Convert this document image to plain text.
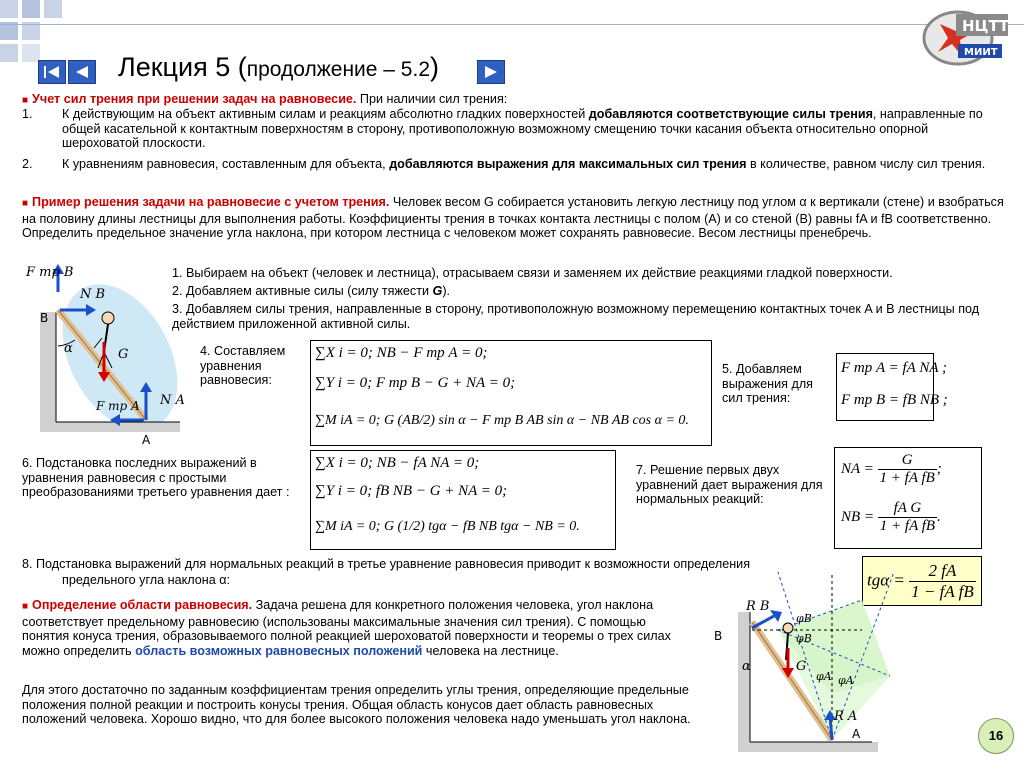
НЦТТ
МИИТ
Лекция 5 (продолжение – 5.2)
■ Учет сил трения при решении задач на равновесие. При наличии сил трения:
1.	К действующим на объект активным силам и реакциям абсолютно гладких поверхностей добавляются соответствующие силы трения, направленные по общей касательной к контактным поверхностям в сторону, противоположную возможному смещению точки касания объекта относительно опорной шероховатой плоскости.
2.	К уравнениям равновесия, составленным для объекта, добавляются выражения для максимальных сил трения в количестве, равном числу сил трения.
■ Пример решения задачи на равновесие с учетом трения. Человек весом G собирается установить легкую лестницу под углом α к вертикали (стене) и взобраться на половину длины лестницы для выполнения работы. Коэффициенты трения в точках контакта лестницы с полом (A) и со стеной (B) равны fA и fB соответственно. Определить предельное значение угла наклона, при котором лестница с человеком может сохранять равновесие. Весом лестницы пренебречь.
F тр B
N B
B
α	G
F тр A N A
A
1. Выбираем на объект (человек и лестница), отрасываем связи и заменяем их действие реакциями гладкой поверхности.
2. Добавляем активные силы (силу тяжести G).
3. Добавляем силы трения, направленные в сторону, противоположную возможному перемещению контактных точек A и B лестницы под действием приложенной активной силы.
4. Составляем уравнения равновесия:
∑X i = 0; NB − F тр A = 0;
∑Y i = 0; F тр B − G + NA = 0;
∑M iA = 0; G (AB/2) sin α − F тр B AB sin α − NB AB cos α = 0.
5. Добавляем выражения для сил трения:
F тр A = fA NA ;
F тр B = fB NB ;
6. Подстановка последних выражений в уравнения равновесия с простыми преобразованиями третьего уравнения дает :
∑X i = 0; NB − fA NA = 0;
∑Y i = 0; fB NB − G + NA = 0;
∑M iA = 0; G (1/2) tgα − fB NB tgα − NB = 0.
7. Решение первых двух уравнений дает выражения для нормальных реакций:
NA = $\frac{G}{\text{1 + fA fB}}$ ;
NB = $\frac{\text{fA G}}{\text{1 + fA fB}}$ .
8. Подстановка выражений для нормальных реакций в третье уравнение равновесия приводит к возможности определения
предельного угла наклона α:	$tg\alpha = \frac{2 fA}{\text{1 − fA fB}}$
■ Определение области равновесия. Задача решена для конкретного положения человека, угол наклона соответствует предельному равновесию (использованы максимальные значения сил трения). С помощью понятия конуса трения, образовываемого полной реакцией шероховатой поверхности и теоремы о трех силах можно определить область возможных равновесных положений человека на лестнице.
Для этого достаточно по заданным коэффициентам трения определить углы трения, определяющие предельные положения полной реакции и построить конусы трения. Общая область конусов дает область равновесных положений человека. Хорошо видно, что для более высокого положения человека надо уменьшать угол наклона.
R B
B
φB
φB
α	G
φA φA
R A
A	16
